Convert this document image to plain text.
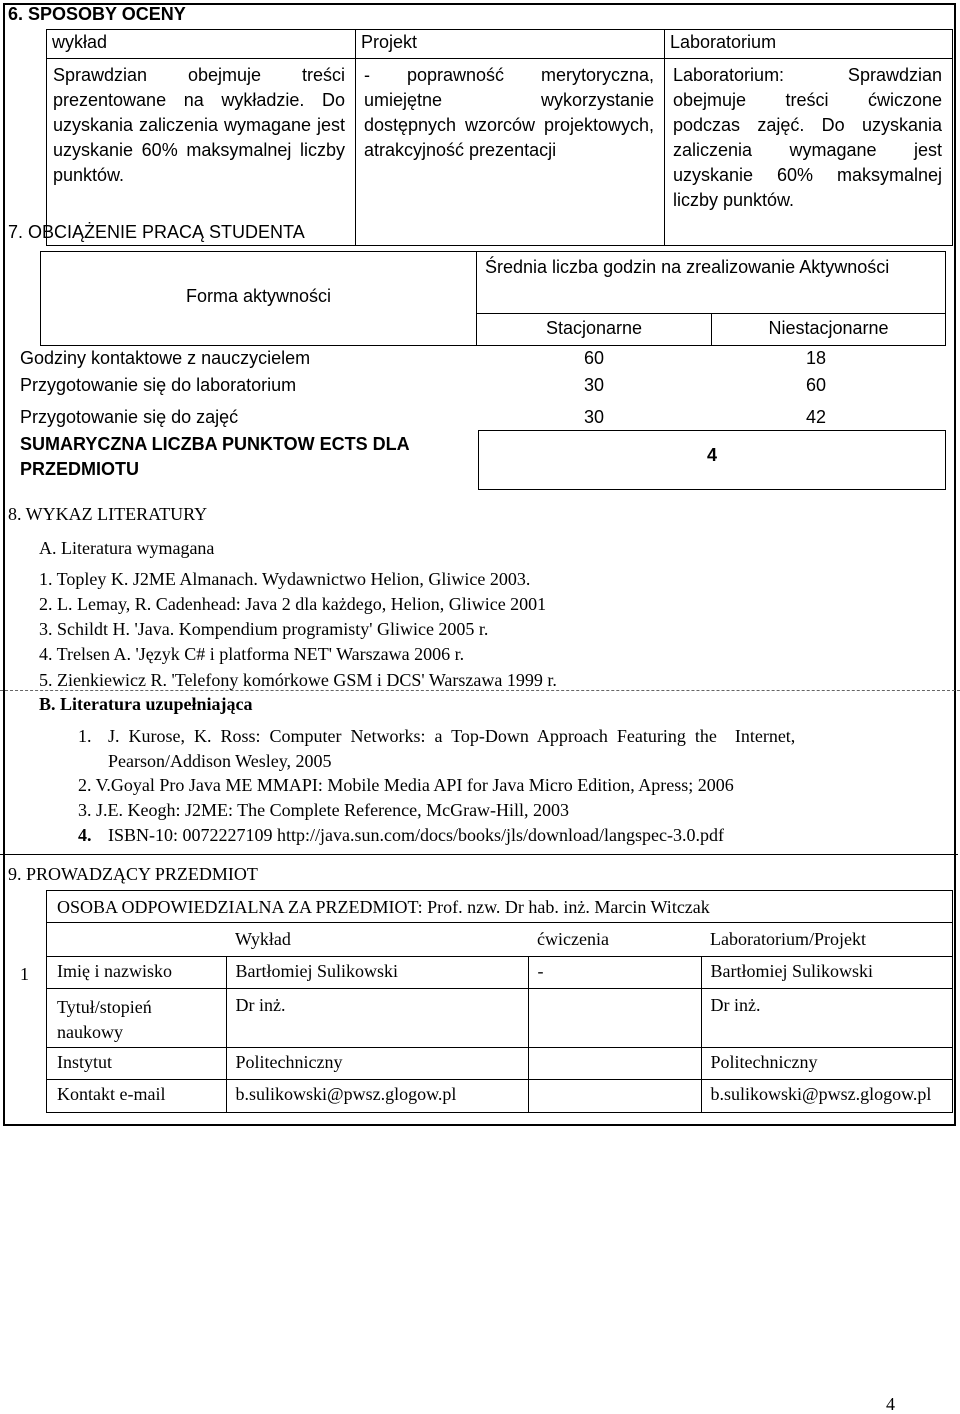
6. SPOSOBY OCENY
wykład	Projekt	Laboratorium
Sprawdzian obejmuje treści prezentowane na wykładzie. Do uzyskania zaliczenia wymagane jest uzyskanie 60% maksymalnej liczby punktów.	- poprawność merytoryczna, umiejętne wykorzystanie dostępnych wzorców projektowych, atrakcyjność prezentacji	Laboratorium: Sprawdzian obejmuje treści ćwiczone podczas zajęć. Do uzyskania zaliczenia wymagane jest uzyskanie 60% maksymalnej liczby punktów.
7. OBCIĄŻENIE PRACĄ STUDENTA
Forma aktywności
Średnia liczba godzin na zrealizowanie Aktywności
Stacjonarne	Niestacjonarne
Godziny kontaktowe z nauczycielem	60	18
Przygotowanie się do laboratorium	30	60
Przygotowanie się do zajęć	30	42
SUMARYCZNA LICZBA PUNKTOW ECTS DLA PRZEDMIOTU
4
8. WYKAZ LITERATURY
A. Literatura wymagana
1. Topley K. J2ME Almanach. Wydawnictwo Helion, Gliwice 2003.
2. L. Lemay, R. Cadenhead: Java 2 dla każdego, Helion, Gliwice 2001
3. Schildt H. 'Java. Kompendium programisty' Gliwice 2005 r.
4. Trelsen A. 'Język C# i platforma NET' Warszawa 2006 r.
5. Zienkiewicz R. 'Telefony komórkowe GSM i DCS' Warszawa 1999 r.
B. Literatura uzupełniająca
1. J.  Kurose,  K.  Ross:  Computer  Networks:  a  Top-Down  Approach  Featuring  the    Internet,
Pearson/Addison Wesley, 2005
2. V.Goyal Pro Java ME MMAPI: Mobile Media API for Java Micro Edition, Apress; 2006
3. J.E. Keogh: J2ME: The Complete Reference, McGraw-Hill, 2003
4. ISBN-10: 0072227109 http://java.sun.com/docs/books/jls/download/langspec-3.0.pdf
9. PROWADZĄCY PRZEDMIOT
OSOBA ODPOWIEDZIALNA ZA PRZEDMIOT: Prof. nzw. Dr hab. inż. Marcin Witczak
	Wykład	ćwiczenia	Laboratorium/Projekt
Imię i nazwisko	Bartłomiej Sulikowski	-	Bartłomiej Sulikowski
Tytuł/stopień naukowy	Dr inż.		Dr inż.
Instytut	Politechniczny		Politechniczny
Kontakt e-mail	b.sulikowski@pwsz.glogow.pl		b.sulikowski@pwsz.glogow.pl
1
4
